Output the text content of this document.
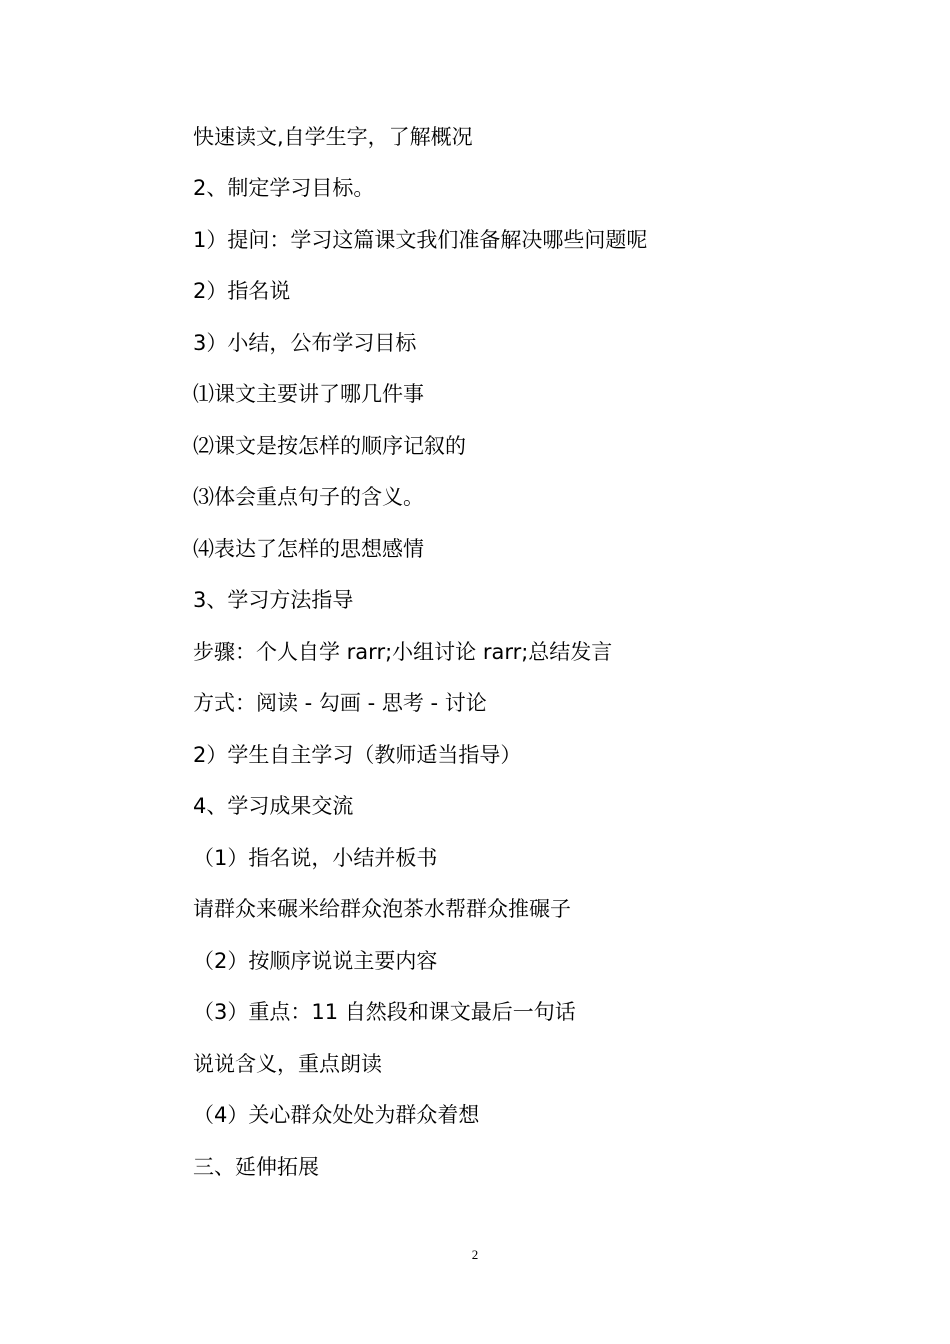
快速读文,自学生字，了解概况
2、制定学习目标。
1）提问：学习这篇课文我们准备解决哪些问题呢
2）指名说
3）小结，公布学习目标
⑴课文主要讲了哪几件事
⑵课文是按怎样的顺序记叙的
⑶体会重点句子的含义。
⑷表达了怎样的思想感情
3、学习方法指导
步骤：个人自学 rarr;小组讨论 rarr;总结发言
方式：阅读 - 勾画 - 思考 - 讨论
2）学生自主学习（教师适当指导）
4、学习成果交流
（1）指名说，小结并板书
请群众来碾米给群众泡茶水帮群众推碾子
（2）按顺序说说主要内容
（3）重点：11 自然段和课文最后一句话
说说含义，重点朗读
（4）关心群众处处为群众着想
三、延伸拓展
2
